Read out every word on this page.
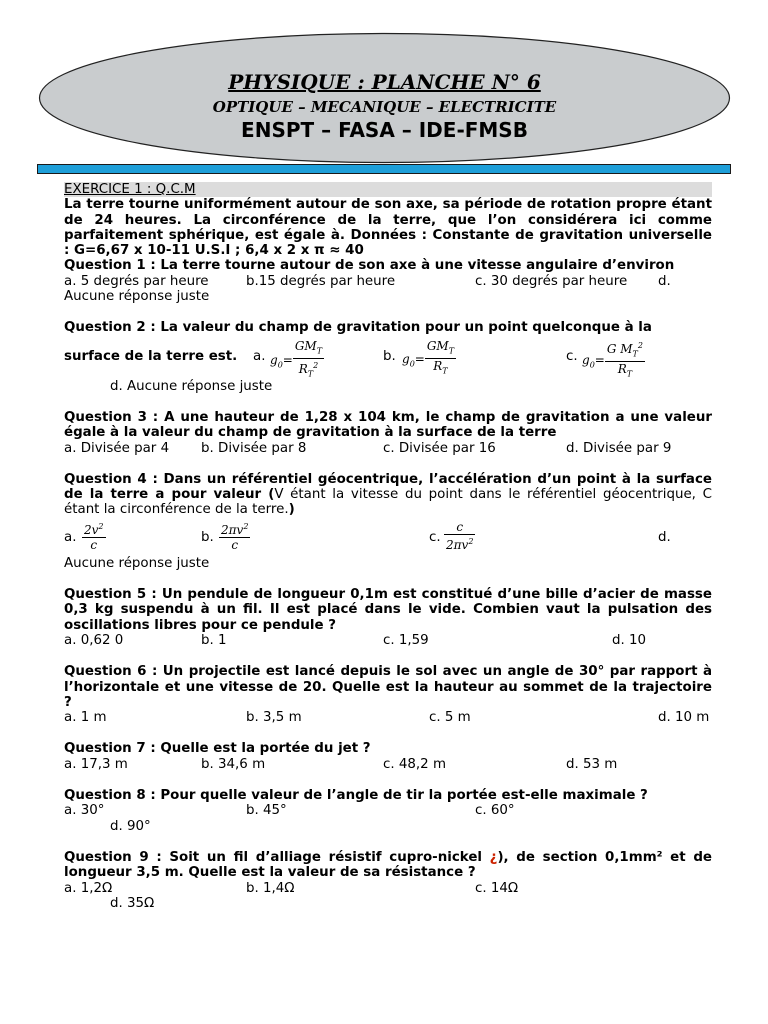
PHYSIQUE : PLANCHE N° 6
OPTIQUE – MECANIQUE – ELECTRICITE
ENSPT – FASA – IDE-FMSB
EXERCICE 1 : Q.C.M

La terre tourne uniformément autour de son axe, sa période de rotation propre étant de 24 heures. La circonférence de la terre, que l’on considérera ici comme parfaitement sphérique, est égale à. Données : Constante de gravitation universelle : G=6,67 x 10-11 U.S.I ; 6,4 x 2 x π ≈ 40

Question 1 : La terre tourne autour de son axe à une vitesse angulaire d’environ

a. 5 degrés par heure	b.15 degrés par heure	c. 30 degrés par heure d.

Aucune réponse juste

Question 2 : La valeur du champ de gravitation pour un point quelconque à la

surface de la terre est. a. $g_0= \frac{GM_T}{R_T^2}$	b. $g_0= \frac{GM_T}{R_T}$	c. $g_0= \frac{G M_T^2}{R_T}$

d. Aucune réponse juste

Question 3 : A une hauteur de 1,28 x 104 km, le champ de gravitation a une valeur égale à la valeur du champ de gravitation à la surface de la terre

a. Divisée par 4 b. Divisée par 8	c. Divisée par 16	d. Divisée par 9

Question 4 : Dans un référentiel géocentrique, l’accélération d’un point à la surface de la terre a pour valeur (V étant la vitesse du point dans le référentiel géocentrique, C étant la circonférence de la terre.)

a. $\frac{2v^2}{c}$	b. $\frac{2\pi v^2}{c}$	c. $\frac{c}{2\pi v^2}$	d.

Aucune réponse juste

Question 5 : Un pendule de longueur 0,1m est constitué d’une bille d’acier de masse 0,3 kg suspendu à un fil. Il est placé dans le vide. Combien vaut la pulsation des oscillations libres pour ce pendule ?

a. 0,62 0	b. 1	c. 1,59	d. 10

Question 6 : Un projectile est lancé depuis le sol avec un angle de 30° par rapport à l’horizontale et une vitesse de 20. Quelle est la hauteur au sommet de la trajectoire ?

a. 1 m	b. 3,5 m	c. 5 m	d. 10 m

Question 7 : Quelle est la portée du jet ?

a. 17,3 m	b. 34,6 m	c. 48,2 m	d. 53 m

Question 8 : Pour quelle valeur de l’angle de tir la portée est-elle maximale ?

a. 30°	b. 45°	c. 60°

d. 90°

Question 9 : Soit un fil d’alliage résistif cupro-nickel ¿), de section 0,1mm² et de longueur 3,5 m. Quelle est la valeur de sa résistance ?

a. 1,2Ω	b. 1,4Ω	c. 14Ω

d. 35Ω
